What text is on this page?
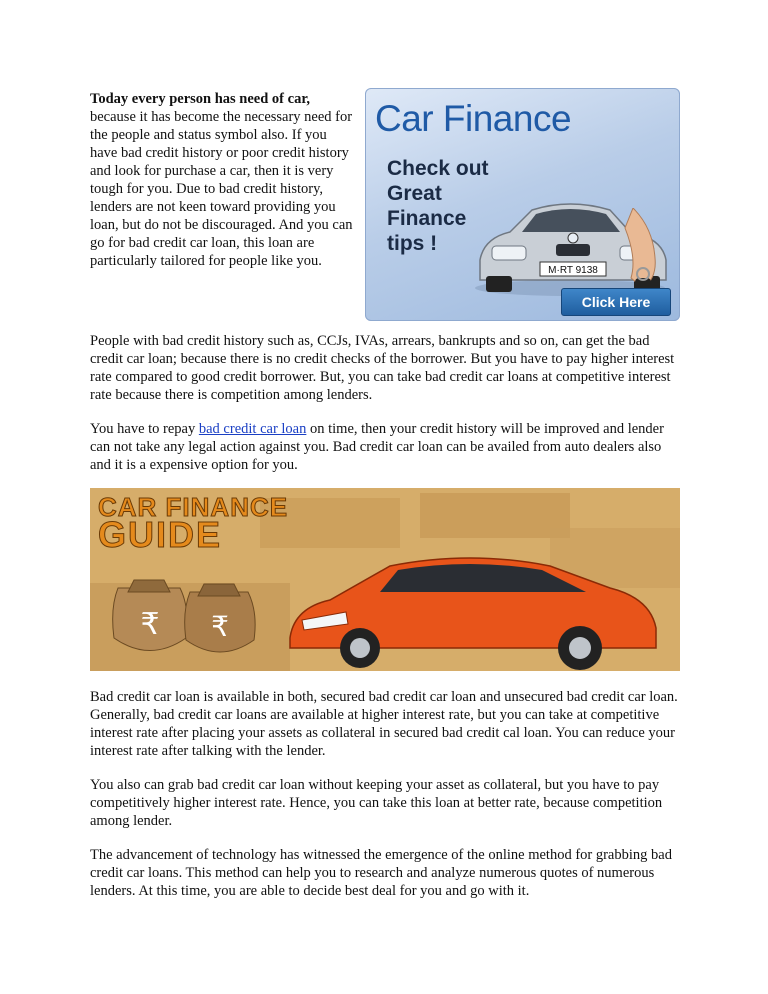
Today every person has need of car, because it has become the necessary need for the people and status symbol also. If you have bad credit history or poor credit history and look for purchase a car, then it is very tough for you. Due to bad credit history, lenders are not keen toward providing you loan, but do not be discouraged. And you can go for bad credit car loan, this loan are particularly tailored for people like you.
Car Finance
Check out
Great
Finance
tips !
M·RT 9138
Click Here

People with bad credit history such as, CCJs, IVAs, arrears, bankrupts and so on, can get the bad credit car loan; because there is no credit checks of the borrower. But you have to pay higher interest rate compared to good credit borrower. But, you can take bad credit car loans at competitive interest rate because there is competition among lenders.

You have to repay bad credit car loan on time, then your credit history will be improved and lender can not take any legal action against you. Bad credit car loan can be availed from auto dealers also and it is a expensive option for you.

₹ ₹
CAR FINANCE
GUIDE

Bad credit car loan is available in both, secured bad credit car loan and unsecured bad credit car loan. Generally, bad credit car loans are available at higher interest rate, but you can take at competitive interest rate after placing your assets as collateral in secured bad credit cal loan. You can reduce your interest rate after talking with the lender.

You also can grab bad credit car loan without keeping your asset as collateral, but you have to pay competitively higher interest rate. Hence, you can take this loan at better rate, because competition among lender.

The advancement of technology has witnessed the emergence of the online method for grabbing bad credit car loans. This method can help you to research and analyze numerous quotes of numerous lenders. At this time, you are able to decide best deal for you and go with it.
